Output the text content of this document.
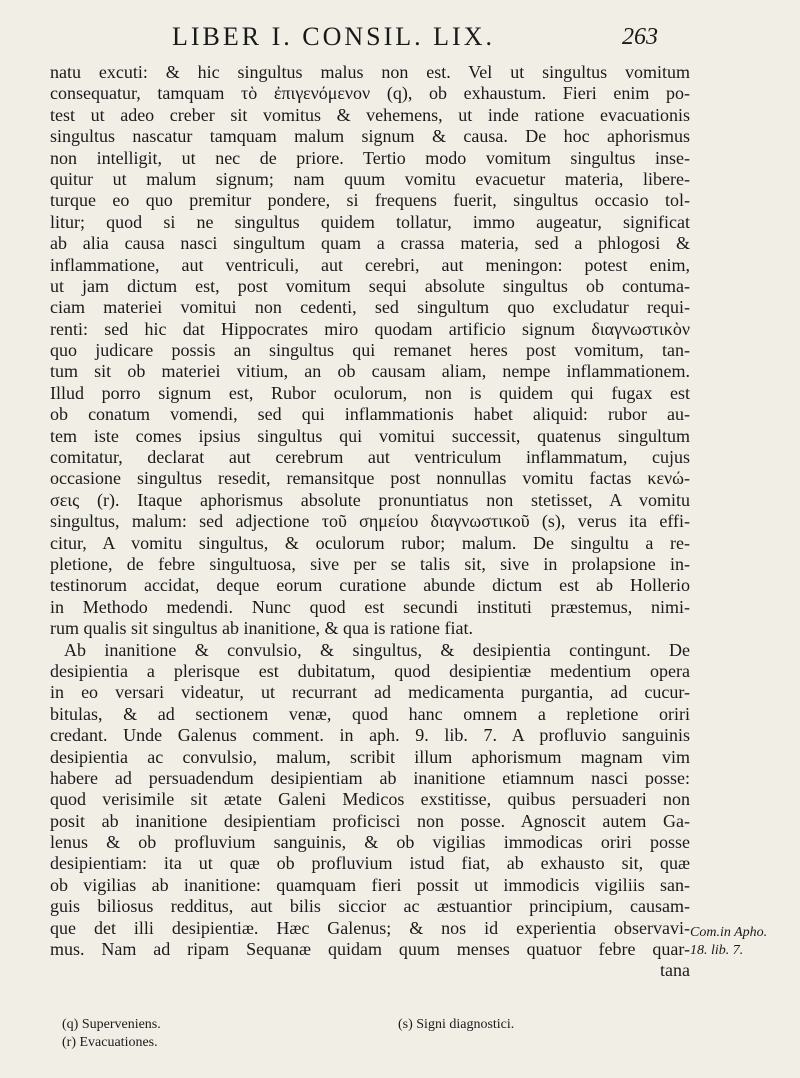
LIBER I. CONSIL. LIX.	263
natu excuti: & hic singultus malus non est. Vel ut singultus vomitum
consequatur, tamquam τὸ ἐπιγενόμενον (q), ob exhaustum. Fieri enim po-
test ut adeo creber sit vomitus & vehemens, ut inde ratione evacuationis
singultus nascatur tamquam malum signum & causa. De hoc aphorismus
non intelligit, ut nec de priore. Tertio modo vomitum singultus inse-
quitur ut malum signum; nam quum vomitu evacuetur materia, libere-
turque eo quo premitur pondere, si frequens fuerit, singultus occasio tol-
litur; quod si ne singultus quidem tollatur, immo augeatur, significat
ab alia causa nasci singultum quam a crassa materia, sed a phlogosi &
inflammatione, aut ventriculi, aut cerebri, aut meningon: potest enim,
ut jam dictum est, post vomitum sequi absolute singultus ob contuma-
ciam materiei vomitui non cedenti, sed singultum quo excludatur requi-
renti: sed hic dat Hippocrates miro quodam artificio signum διαγνωστικὸν
quo judicare possis an singultus qui remanet heres post vomitum, tan-
tum sit ob materiei vitium, an ob causam aliam, nempe inflammationem.
Illud porro signum est, Rubor oculorum, non is quidem qui fugax est
ob conatum vomendi, sed qui inflammationis habet aliquid: rubor au-
tem iste comes ipsius singultus qui vomitui successit, quatenus singultum
comitatur, declarat aut cerebrum aut ventriculum inflammatum, cujus
occasione singultus resedit, remansitque post nonnullas vomitu factas κενώ-
σεις (r). Itaque aphorismus absolute pronuntiatus non stetisset, A vomitu
singultus, malum: sed adjectione τοῦ σημείου διαγνωστικοῦ (s), verus ita effi-
citur, A vomitu singultus, & oculorum rubor; malum. De singultu a re-
pletione, de febre singultuosa, sive per se talis sit, sive in prolapsione in-
testinorum accidat, deque eorum curatione abunde dictum est ab Hollerio
in Methodo medendi. Nunc quod est secundi instituti præstemus, nimi-
rum qualis sit singultus ab inanitione, & qua is ratione fiat.
Ab inanitione & convulsio, & singultus, & desipientia contingunt. De
desipientia a plerisque est dubitatum, quod desipientiæ medentium opera
in eo versari videatur, ut recurrant ad medicamenta purgantia, ad cucur-
bitulas, & ad sectionem venæ, quod hanc omnem a repletione oriri
credant. Unde Galenus comment. in aph. 9. lib. 7. A profluvio sanguinis
desipientia ac convulsio, malum, scribit illum aphorismum magnam vim
habere ad persuadendum desipientiam ab inanitione etiamnum nasci posse:
quod verisimile sit ætate Galeni Medicos exstitisse, quibus persuaderi non
posit ab inanitione desipientiam proficisci non posse. Agnoscit autem Ga-
lenus & ob profluvium sanguinis, & ob vigilias immodicas oriri posse
desipientiam: ita ut quæ ob profluvium istud fiat, ab exhausto sit, quæ
ob vigilias ab inanitione: quamquam fieri possit ut immodicis vigiliis san-
guis biliosus redditus, aut bilis siccior ac æstuantior principium, causam-
que det illi desipientiæ. Hæc Galenus; & nos id experientia observavi-
mus. Nam ad ripam Sequanæ quidam quum menses quatuor febre quar-
tana
Com.in Apho.
18. lib. 7.
(q) Superveniens.
(r) Evacuationes.
(s) Signi diagnostici.
